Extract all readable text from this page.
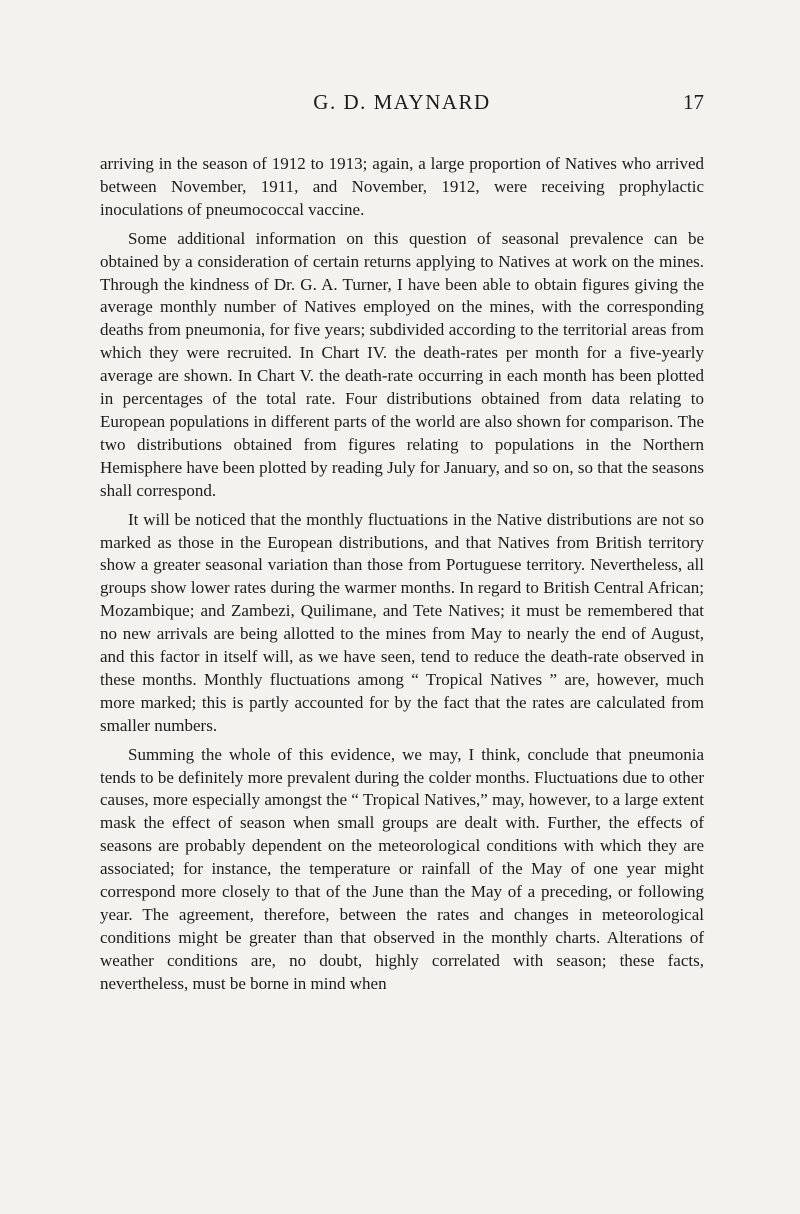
G. D. MAYNARD	17

arriving in the season of 1912 to 1913; again, a large proportion of Natives who arrived between November, 1911, and November, 1912, were receiving prophylactic inoculations of pneumococcal vaccine.

Some additional information on this question of seasonal prevalence can be obtained by a consideration of certain returns applying to Natives at work on the mines. Through the kindness of Dr. G. A. Turner, I have been able to obtain figures giving the average monthly number of Natives employed on the mines, with the corresponding deaths from pneumonia, for five years; subdivided according to the territorial areas from which they were recruited. In Chart IV. the death-rates per month for a five-yearly average are shown. In Chart V. the death-rate occurring in each month has been plotted in percentages of the total rate. Four distributions obtained from data relating to European populations in different parts of the world are also shown for comparison. The two distributions obtained from figures relating to populations in the Northern Hemisphere have been plotted by reading July for January, and so on, so that the seasons shall correspond.

It will be noticed that the monthly fluctuations in the Native distributions are not so marked as those in the European distributions, and that Natives from British territory show a greater seasonal variation than those from Portuguese territory. Nevertheless, all groups show lower rates during the warmer months. In regard to British Central African; Mozambique; and Zambezi, Quilimane, and Tete Natives; it must be remembered that no new arrivals are being allotted to the mines from May to nearly the end of August, and this factor in itself will, as we have seen, tend to reduce the death-rate observed in these months. Monthly fluctuations among “ Tropical Natives ” are, however, much more marked; this is partly accounted for by the fact that the rates are calculated from smaller numbers.

Summing the whole of this evidence, we may, I think, conclude that pneumonia tends to be definitely more prevalent during the colder months. Fluctuations due to other causes, more especially amongst the “ Tropical Natives,” may, however, to a large extent mask the effect of season when small groups are dealt with. Further, the effects of seasons are probably dependent on the meteorological conditions with which they are associated; for instance, the temperature or rainfall of the May of one year might correspond more closely to that of the June than the May of a preceding, or following year. The agreement, therefore, between the rates and changes in meteorological conditions might be greater than that observed in the monthly charts. Alterations of weather conditions are, no doubt, highly correlated with season; these facts, nevertheless, must be borne in mind when
